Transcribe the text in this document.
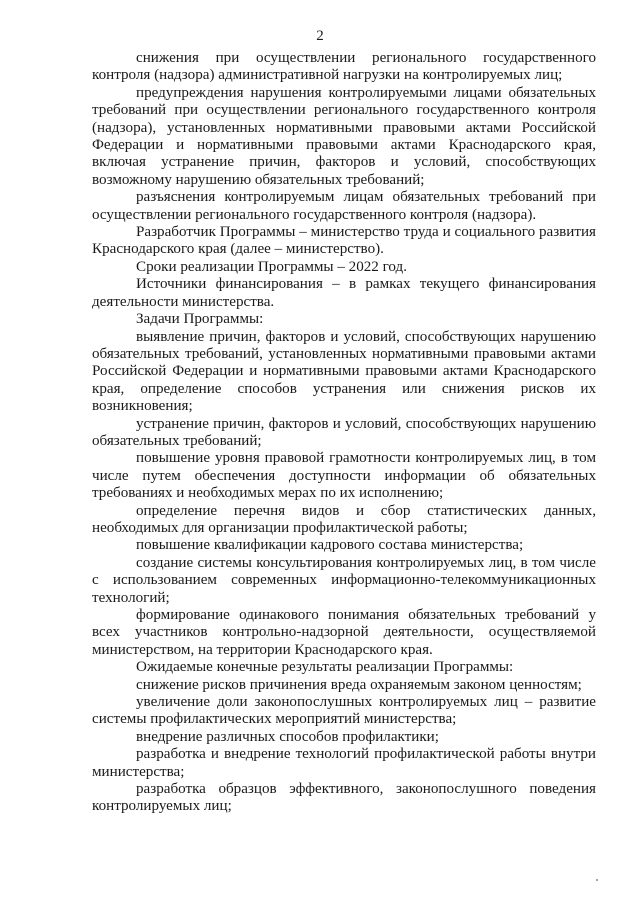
2

снижения при осуществлении регионального государственного контроля (надзора) административной нагрузки на контролируемых лиц;

предупреждения нарушения контролируемыми лицами обязательных требований при осуществлении регионального государственного контроля (надзора), установленных нормативными правовыми актами Российской Федерации и нормативными правовыми актами Краснодарского края, включая устранение причин, факторов и условий, способствующих возможному нарушению обязательных требований;

разъяснения контролируемым лицам обязательных требований при осуществлении регионального государственного контроля (надзора).

Разработчик Программы – министерство труда и социального развития Краснодарского края (далее – министерство).

Сроки реализации Программы – 2022 год.

Источники финансирования – в рамках текущего финансирования деятельности министерства.

Задачи Программы:

выявление причин, факторов и условий, способствующих нарушению обязательных требований, установленных нормативными правовыми актами Российской Федерации и нормативными правовыми актами Краснодарского края, определение способов устранения или снижения рисков их возникновения;

устранение причин, факторов и условий, способствующих нарушению обязательных требований;

повышение уровня правовой грамотности контролируемых лиц, в том числе путем обеспечения доступности информации об обязательных требованиях и необходимых мерах по их исполнению;

определение перечня видов и сбор статистических данных, необходимых для организации профилактической работы;

повышение квалификации кадрового состава министерства;

создание системы консультирования контролируемых лиц, в том числе с использованием современных информационно-телекоммуникационных технологий;

формирование одинакового понимания обязательных требований у всех участников контрольно-надзорной деятельности, осуществляемой министерством, на территории Краснодарского края.

Ожидаемые конечные результаты реализации Программы:

снижение рисков причинения вреда охраняемым законом ценностям;

увеличение доли законопослушных контролируемых лиц – развитие системы профилактических мероприятий министерства;

внедрение различных способов профилактики;

разработка и внедрение технологий профилактической работы внутри министерства;

разработка образцов эффективного, законопослушного поведения контролируемых лиц;
